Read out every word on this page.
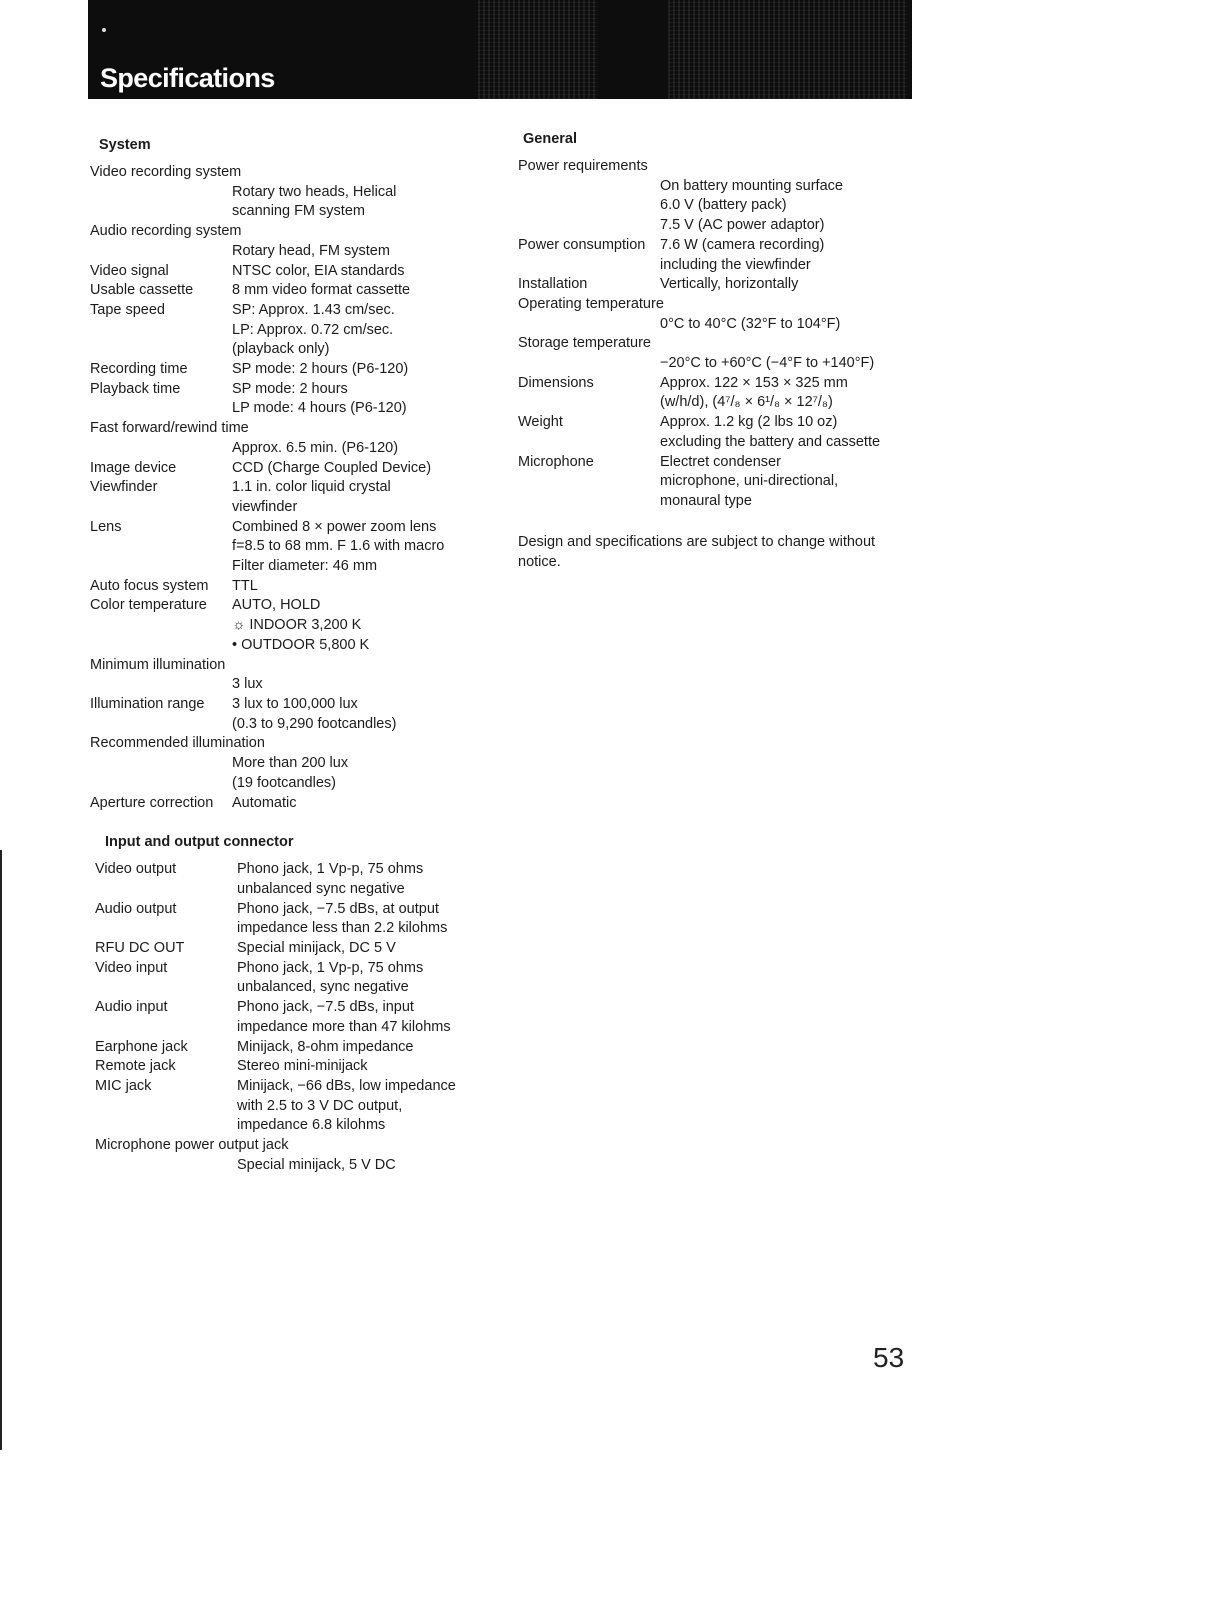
Specifications
System
Video recording system
Rotary two heads, Helical
scanning FM system
Audio recording system
Rotary head, FM system
Video signal	NTSC color, EIA standards
Usable cassette	8 mm video format cassette
Tape speed	SP: Approx. 1.43 cm/sec.
LP: Approx. 0.72 cm/sec.
(playback only)
Recording time	SP mode: 2 hours (P6-120)
Playback time	SP mode: 2 hours
LP mode: 4 hours (P6-120)
Fast forward/rewind time
Approx. 6.5 min. (P6-120)
Image device	CCD (Charge Coupled Device)
Viewfinder	1.1 in. color liquid crystal
viewfinder
Lens	Combined 8 × power zoom lens
f=8.5 to 68 mm. F 1.6 with macro
Filter diameter: 46 mm
Auto focus system	TTL
Color temperature	AUTO, HOLD
☼ INDOOR 3,200 K
• OUTDOOR 5,800 K
Minimum illumination
3 lux
Illumination range	3 lux to 100,000 lux
(0.3 to 9,290 footcandles)
Recommended illumination
More than 200 lux
(19 footcandles)
Aperture correction	Automatic
Input and output connector
Video output	Phono jack, 1 Vp-p, 75 ohms
unbalanced sync negative
Audio output	Phono jack, −7.5 dBs, at output
impedance less than 2.2 kilohms
RFU DC OUT	Special minijack, DC 5 V
Video input	Phono jack, 1 Vp-p, 75 ohms
unbalanced, sync negative
Audio input	Phono jack, −7.5 dBs, input
impedance more than 47 kilohms
Earphone jack	Minijack, 8-ohm impedance
Remote jack	Stereo mini-minijack
MIC jack	Minijack, −66 dBs, low impedance
with 2.5 to 3 V DC output,
impedance 6.8 kilohms
Microphone power output jack
Special minijack, 5 V DC
General
Power requirements
On battery mounting surface
6.0 V (battery pack)
7.5 V (AC power adaptor)
Power consumption	7.6 W (camera recording)
including the viewfinder
Installation	Vertically, horizontally
Operating temperature
0°C to 40°C (32°F to 104°F)
Storage temperature
−20°C to +60°C (−4°F to +140°F)
Dimensions	Approx. 122 × 153 × 325 mm
(w/h/d), (4⁷/₈ × 6¹/₈ × 12⁷/₈)
Weight	Approx. 1.2 kg (2 lbs 10 oz)
excluding the battery and cassette
Microphone	Electret condenser
microphone, uni-directional,
monaural type
Design and specifications are subject to change without notice.
53
